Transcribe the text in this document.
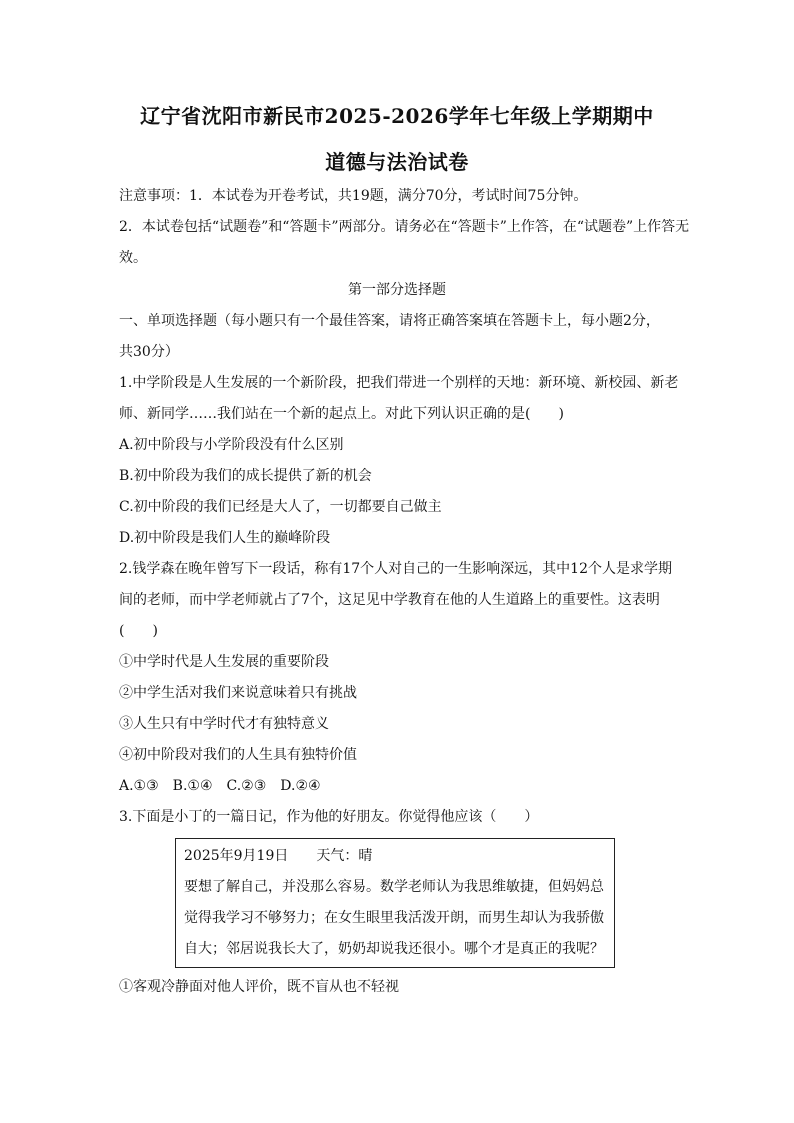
辽宁省沈阳市新民市2025-2026学年七年级上学期期中
道德与法治试卷
注意事项：1．本试卷为开卷考试，共19题，满分70分，考试时间75分钟。
2．本试卷包括“试题卷”和“答题卡”两部分。请务必在“答题卡”上作答，在“试题卷”上作答无
效。
第一部分选择题
一、单项选择题（每小题只有一个最佳答案，请将正确答案填在答题卡上，每小题2分，
共30分）
1.中学阶段是人生发展的一个新阶段，把我们带进一个别样的天地：新环境、新校园、新老
师、新同学……我们站在一个新的起点上。对此下列认识正确的是(　　)
A.初中阶段与小学阶段没有什么区别
B.初中阶段为我们的成长提供了新的机会
C.初中阶段的我们已经是大人了，一切都要自己做主
D.初中阶段是我们人生的巅峰阶段
2.钱学森在晚年曾写下一段话，称有17个人对自己的一生影响深远，其中12个人是求学期
间的老师，而中学老师就占了7个，这足见中学教育在他的人生道路上的重要性。这表明
(　　)
①中学时代是人生发展的重要阶段
②中学生活对我们来说意味着只有挑战
③人生只有中学时代才有独特意义
④初中阶段对我们的人生具有独特价值
A.①③　B.①④　C.②③　D.②④
3.下面是小丁的一篇日记，作为他的好朋友。你觉得他应该（　　）
2025年9月19日　　天气：晴
要想了解自己，并没那么容易。数学老师认为我思维敏捷，但妈妈总
觉得我学习不够努力；在女生眼里我活泼开朗，而男生却认为我骄傲
自大；邻居说我长大了，奶奶却说我还很小。哪个才是真正的我呢？
①客观冷静面对他人评价，既不盲从也不轻视
